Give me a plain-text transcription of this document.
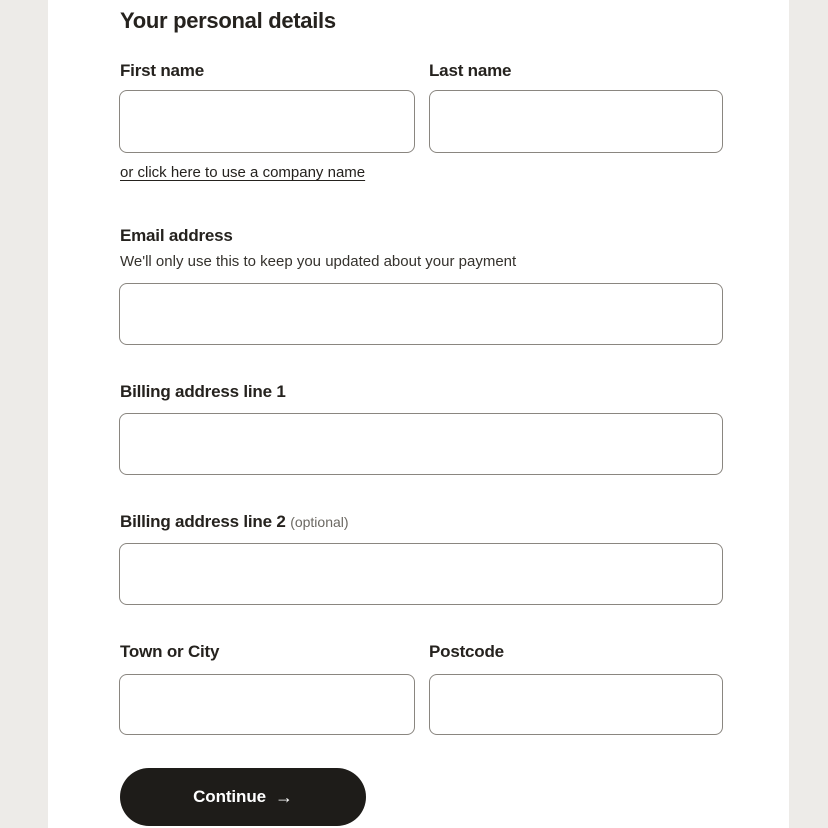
Your personal details
First name	Last name
or click here to use a company name
Email address
We'll only use this to keep you updated about your payment
Billing address line 1
Billing address line 2 (optional)
Town or City	Postcode
Continue →
